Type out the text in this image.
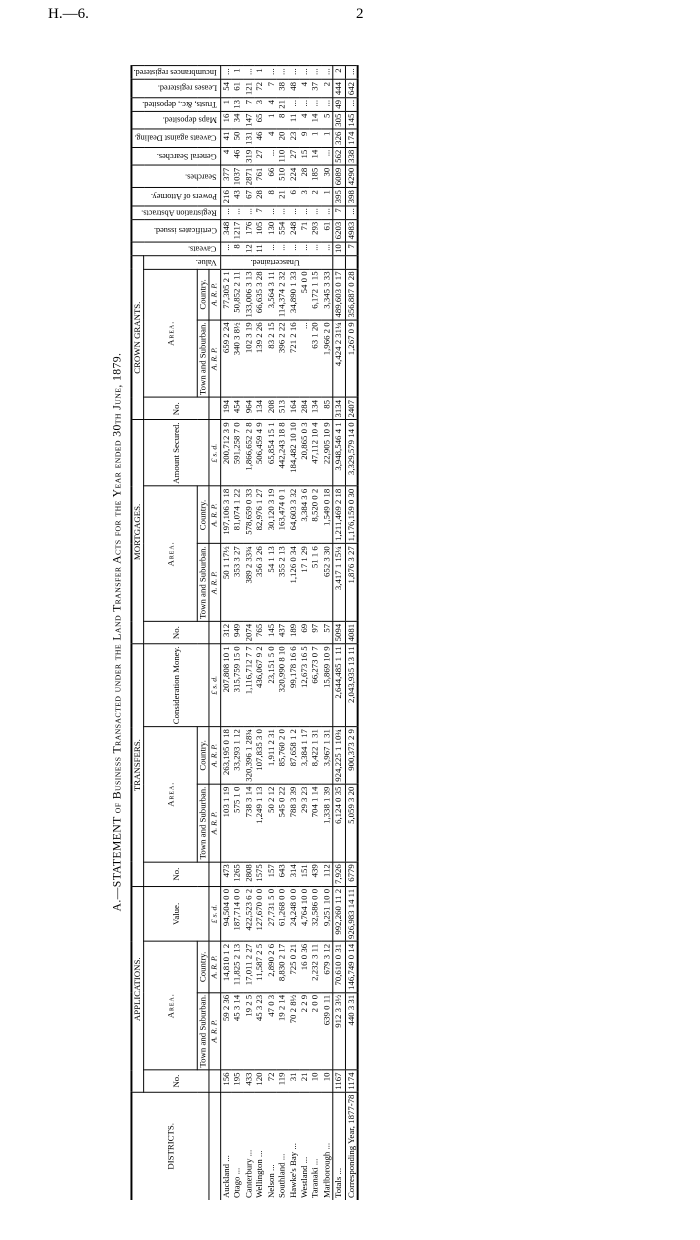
H.—6.	2
A.—STATEMENT of Business Transacted under the Land Transfer Acts for the Year ended 30th June, 1879.
DISTRICTS.	APPLICATIONS.				TRANSFERS.				MORTGAGES.				CROWN GRANTS.				Caveats.	Certificates issued.	Registration Abstracts.	Powers of Attorney.	Searches.	General Searches.	Caveats against Dealing.	Maps deposited.	Trusts, &c., deposited.	Leases registered.	Incumbrances registered.
	No.	Area.		Value.	No.	Area.		Consideration Money.	No.	Area.		Amount Secured.	No.	Area.		Value.											
		Town and Suburban.	Country.			Town and Suburban.	Country.			Town and Suburban.	Country.			Town and Suburban.	Country.												
		A. R. P.	A. R. P.	£ s. d.		A. R. P.	A. R. P.	£ s. d.		A. R. P.	A. R. P.	£ s. d.		A. R. P.	A. R. P.												
Auckland ...	156	59 2 36	14,810 1 2	94,504 0 0	473	103 1 19	263,195 0 18	207,808 10 1	312	50 1 17½	197,106 3 18	200,712 3 9	194	659 2 24	77,305 2 1	Unascertained.	...	348	...	216	377	4	41	16	1	54	...
Otago ...	195	45 3 14	11,825 2 13	187,714 0 0	1265	575 1 0	33,293 1 12	315,759 15 0	949	353 3 27	81,074 1 22	591,258 7 0	454	340 3 8½	50,852 2 11		8	1217	...	43	1037	46	50	34	13	61	1
Canterbury ...	433	19 2 5	17,011 2 27	422,523 6 2	2808	738 3 14	320,396 1 28¾	1,116,712 7 7	2074	389 2 33¾	578,659 0 33	1,866,652 2 8	964	102 3 19	133,006 3 13		12	176	...	67	2871	319	131	147	7	121	...
Wellington ...	120	45 3 23	11,587 2 5	127,670 0 0	1575	1,249 1 13	107,835 3 0	436,067 9 2	765	356 3 26	82,976 1 27	506,459 4 9	134	139 2 26	66,635 3 28		11	105	7	28	761	27	46	65	3	72	1
Nelson ...	72	47 0 3	2,890 2 6	27,731 5 0	157	50 2 12	1,911 2 31	23,151 5 0	145	54 1 13	30,120 3 19	65,854 15 1	208	83 2 15	3,564 3 11		...	130	...	8	66	...	4	1	4	7	...
Southland ...	119	19 2 14	8,830 2 17	61,268 0 0	643	545 0 22	85,760 2 0	320,990 8 10	437	355 2 13	163,474 0 1	442,243 18 8	513	396 2 22	114,374 2 32		...	554	...	21	510	110	20	8	21	38	...
Hawke's Bay ...	31	70 2 8½	725 0 21	24,248 0 0	314	788 3 39	87,658 1 2	99,178 16 6	189	1,126 0 34	64,603 3 32	184,482 10 10	164	721 2 16	34,890 1 33		...	248	...	6	224	27	23	11	...	48	...
Westland ...	21	2 2 9	16 0 36	4,764 10 0	151	29 3 23	3,384 1 17	12,673 16 5	69	17 1 29	3,384 3 6	20,865 0 3	284	...	54 0 0		...	71	...	3	28	15	9	4	...	4	...
Taranaki ...	10	2 0 0	2,232 3 11	32,586 0 0	439	704 1 14	8,422 1 31	66,273 0 7	97	51 1 6	8,520 0 2	47,112 10 4	134	63 1 20	6,172 1 15		...	293	...	2	185	14	1	14	...	37	...
Marlborough ...	10	639 0 11	679 3 12	9,251 10 0	112	1,338 1 39	3,967 1 31	15,869 10 9	57	652 3 30	1,549 0 18	22,905 10 9	85	1,966 2 0	3,345 3 33		...	61	...	1	30	...	1	5	...	2	...
Totals ...	1167	912 3 3½	70,610 0 31	992,260 11 2	7,926	6,124 0 35	924,225 1 10¾	2,644,485 1 11	5094	3,417 1 15¼	1,211,469 2 18	3,948,546 4 1	3134	4,424 2 31¼	489,603 0 17		10	6203	7	395	6089	562	326	305	49	444	2
Corresponding Year, 1877-78	1174	440 3 31	146,749 0 14	926,983 14 11	6779	5,059 3 20	900,373 2 9	2,043,935 13 11	4081	1,876 3 27	1,176,159 0 30	3,329,579 14 0	2407	1,267 0 9	356,887 0 28		7	4983	...	398	4290	338	174	145	...	642	...
